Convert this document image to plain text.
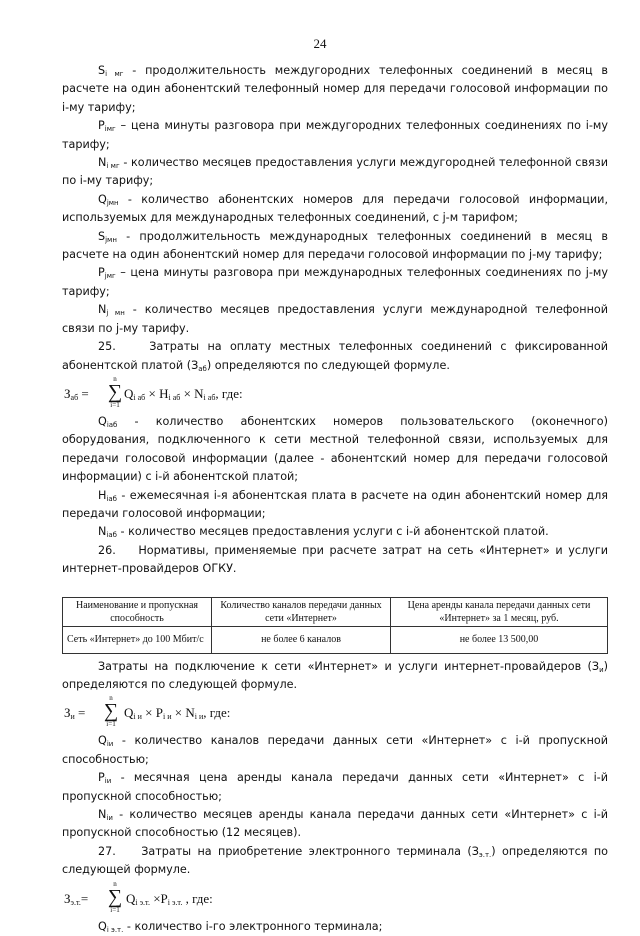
24

$S_{i мг}$ - продолжительность междугородних телефонных соединений в месяц в расчете на один абонентский телефонный номер для передачи голосовой информации по i-му тарифу;

$P_{iмг}$ – цена минуты разговора при междугородних телефонных соединениях по i-му тарифу;

$N_{i мг}$ - количество месяцев предоставления услуги междугородней телефонной связи по i-му тарифу;

$Q_{jмн}$ - количество абонентских номеров для передачи голосовой информации, используемых для международных телефонных соединений, с j-м тарифом;

$S_{jмн}$ - продолжительность международных телефонных соединений в месяц в расчете на один абонентский номер для передачи голосовой информации по j-му тарифу;

$P_{jмг}$ – цена минуты разговора при международных телефонных соединениях по j-му тарифу;

$N_{j мн}$ - количество месяцев предоставления услуги международной телефонной связи по j-му тарифу.

25.    Затраты на оплату местных телефонных соединений с фиксированной абонентской платой $(З_{аб})$ определяются по следующей формуле.

$З_{аб}$ =
n
∑
i=1
$Q_{i аб} \times H_{i аб} \times N_{i аб}$, где:

$Q_{iаб}$ - количество абонентских номеров пользовательского (оконечного) оборудования, подключенного к сети местной телефонной связи, используемых для передачи голосовой информации (далее - абонентский номер для передачи голосовой информации) с i-й абонентской платой;

$H_{iаб}$ - ежемесячная i-я абонентская плата в расчете на один абонентский номер для передачи голосовой информации;

$N_{iаб}$ - количество месяцев предоставления услуги с i-й абонентской платой.

26.    Нормативы, применяемые при расчете затрат на сеть «Интернет» и услуги интернет-провайдеров ОГКУ.

Наименование и пропускная способность	Количество каналов передачи данных сети «Интернет»	Цена аренды канала передачи данных сети «Интернет» за 1 месяц, руб.
Сеть «Интернет» до 100 Мбит/с	не более 6 каналов	не более 13 500,00

Затраты на подключение к сети «Интернет» и услуги интернет-провайдеров $(З_и)$ определяются по следующей формуле.

$З_и$ =
n
∑
i=1
$Q_{i и} \times P_{i и} \times N_{i и}$, где:

$Q_{iи}$ - количество каналов передачи данных сети «Интернет» с i-й пропускной способностью;

$P_{iи}$ - месячная цена аренды канала передачи данных сети «Интернет» с i-й пропускной способностью;

$N_{iи}$ - количество месяцев аренды канала передачи данных сети «Интернет» с i-й пропускной способностью (12 месяцев).

27.    Затраты на приобретение электронного терминала $(З_{э.т.})$ определяются по следующей формуле.

$З_{э.т.}=$
n
∑
i=1
$Q_{i э.т.} \times P_{i э.т.}$ , где:

$Q_{i э.т.}$ - количество i-го электронного терминала;
